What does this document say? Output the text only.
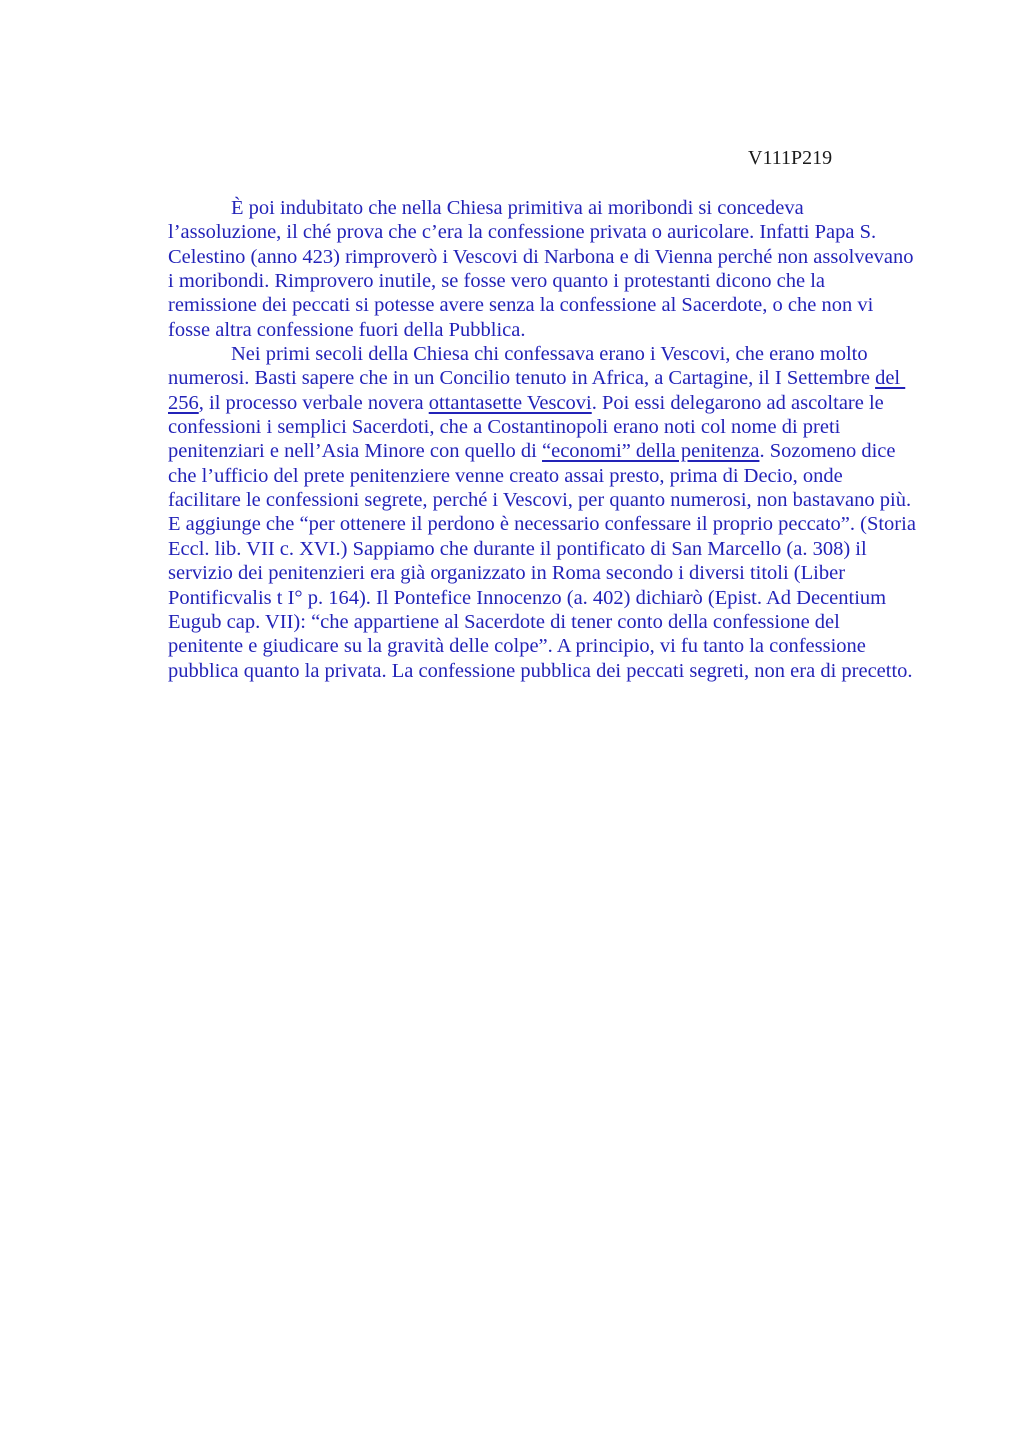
V111P219
È poi indubitato che nella Chiesa primitiva ai moribondi si concedeva
l’assoluzione, il ché prova che c’era la confessione privata o auricolare. Infatti Papa S.
Celestino (anno 423) rimproverò i Vescovi di Narbona e di Vienna perché non assolvevano
i moribondi. Rimprovero inutile, se fosse vero quanto i protestanti dicono che la
remissione dei peccati si potesse avere senza la confessione al Sacerdote, o che non vi
fosse altra confessione fuori della Pubblica.
Nei primi secoli della Chiesa chi confessava erano i Vescovi, che erano molto
numerosi. Basti sapere che in un Concilio tenuto in Africa, a Cartagine, il I Settembre del
256, il processo verbale novera ottantasette Vescovi. Poi essi delegarono ad ascoltare le
confessioni i semplici Sacerdoti, che a Costantinopoli erano noti col nome di preti
penitenziari e nell’Asia Minore con quello di “economi” della penitenza. Sozomeno dice
che l’ufficio del prete penitenziere venne creato assai presto, prima di Decio, onde
facilitare le confessioni segrete, perché i Vescovi, per quanto numerosi, non bastavano più.
E aggiunge che “per ottenere il perdono è necessario confessare il proprio peccato”. (Storia
Eccl. lib. VII c. XVI.) Sappiamo che durante il pontificato di San Marcello (a. 308) il
servizio dei penitenzieri era già organizzato in Roma secondo i diversi titoli (Liber
Pontificvalis t I° p. 164). Il Pontefice Innocenzo (a. 402) dichiarò (Epist. Ad Decentium
Eugub cap. VII): “che appartiene al Sacerdote di tener conto della confessione del
penitente e giudicare su la gravità delle colpe”. A principio, vi fu tanto la confessione
pubblica quanto la privata. La confessione pubblica dei peccati segreti, non era di precetto.
